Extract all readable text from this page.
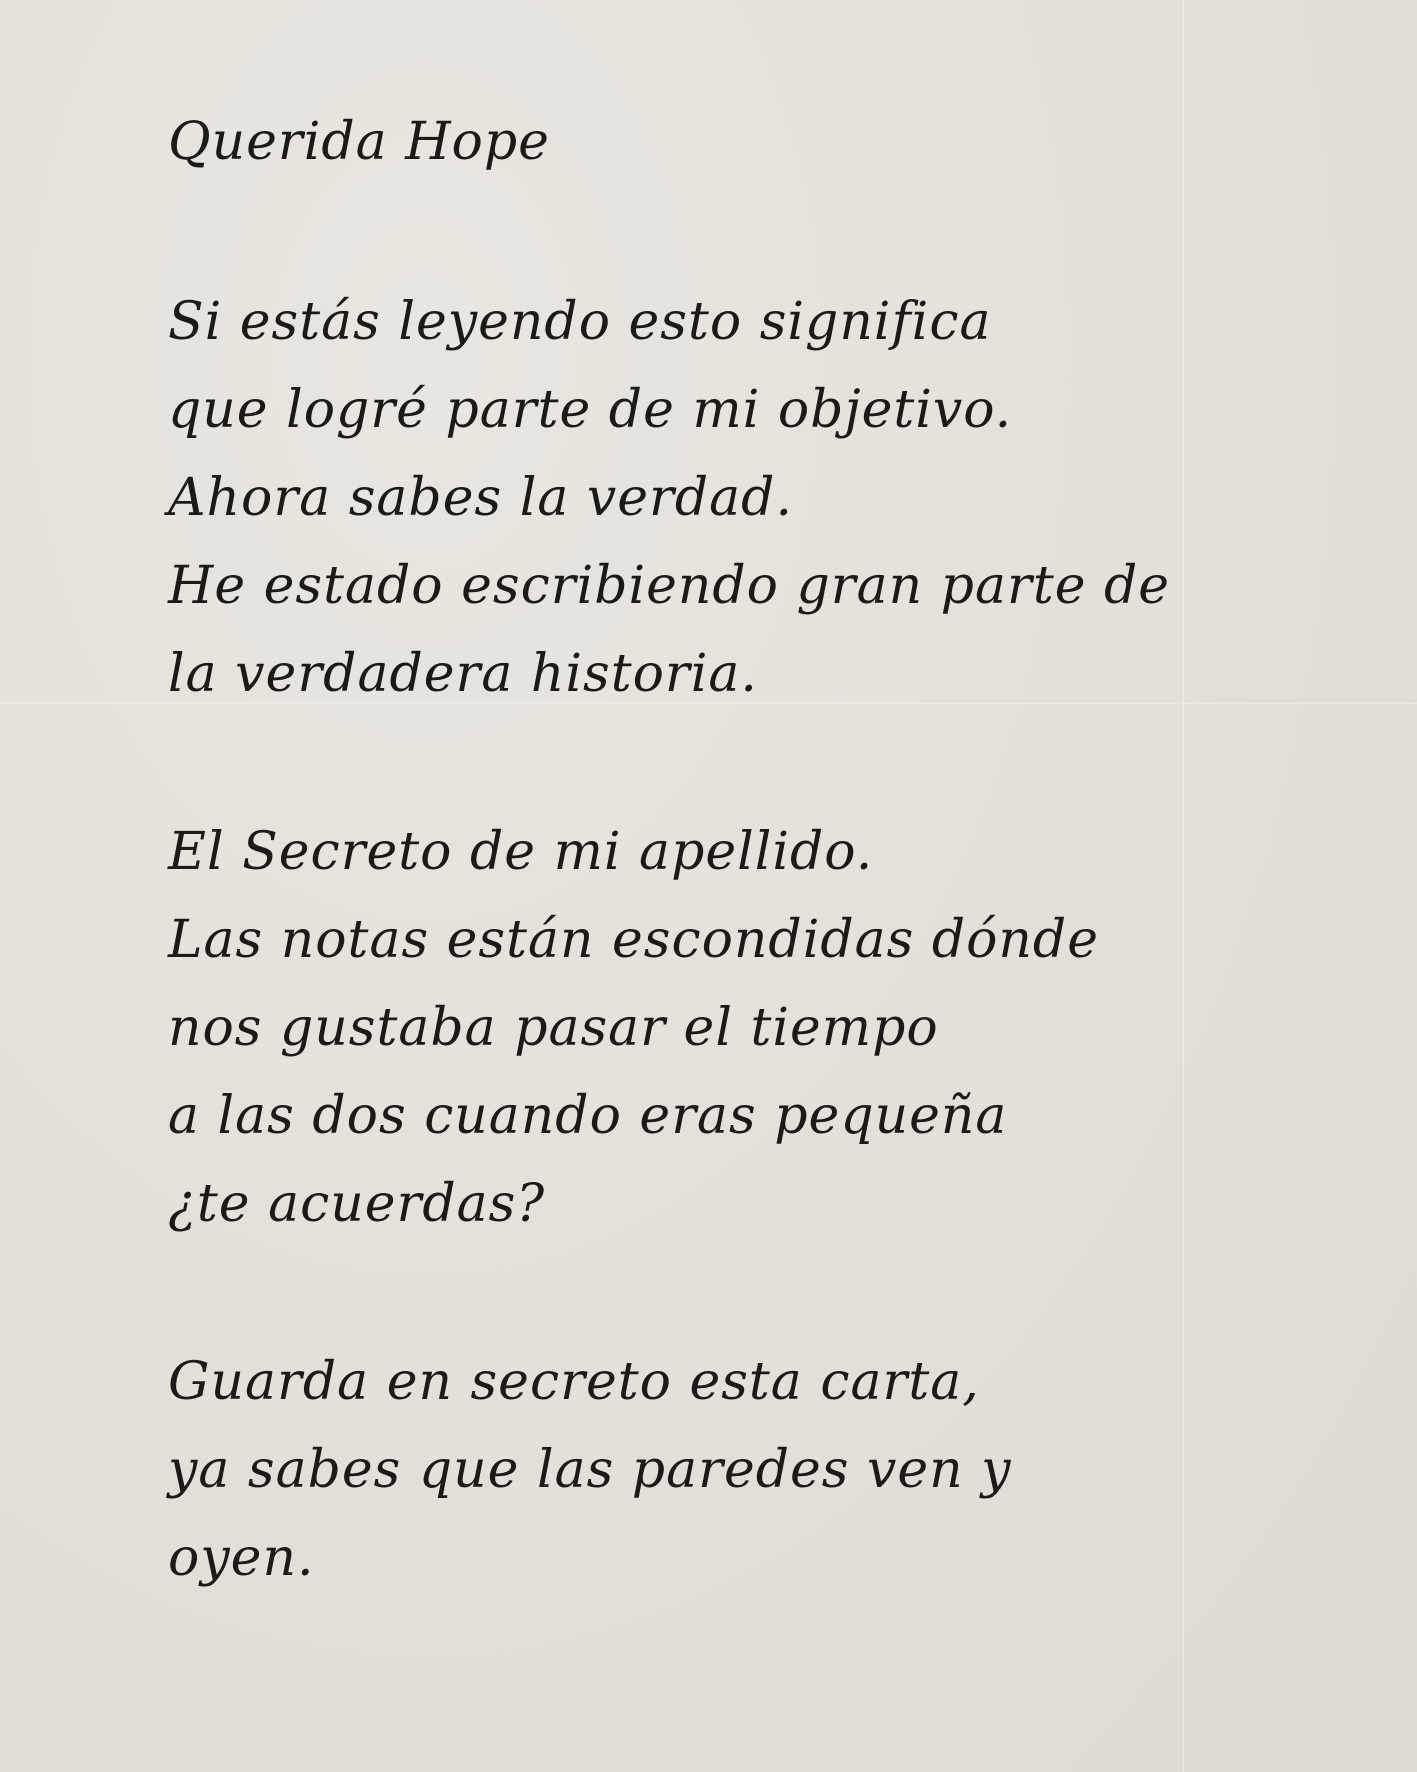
Querida Hope
Si estás leyendo esto significa
que logré parte de mi objetivo.
Ahora sabes la verdad.
He estado escribiendo gran parte de
la verdadera historia.
El Secreto de mi apellido.
Las notas están escondidas dónde
nos gustaba pasar el tiempo
a las dos cuando eras pequeña
¿te acuerdas?
Guarda en secreto esta carta,
ya sabes que las paredes ven y
oyen.
